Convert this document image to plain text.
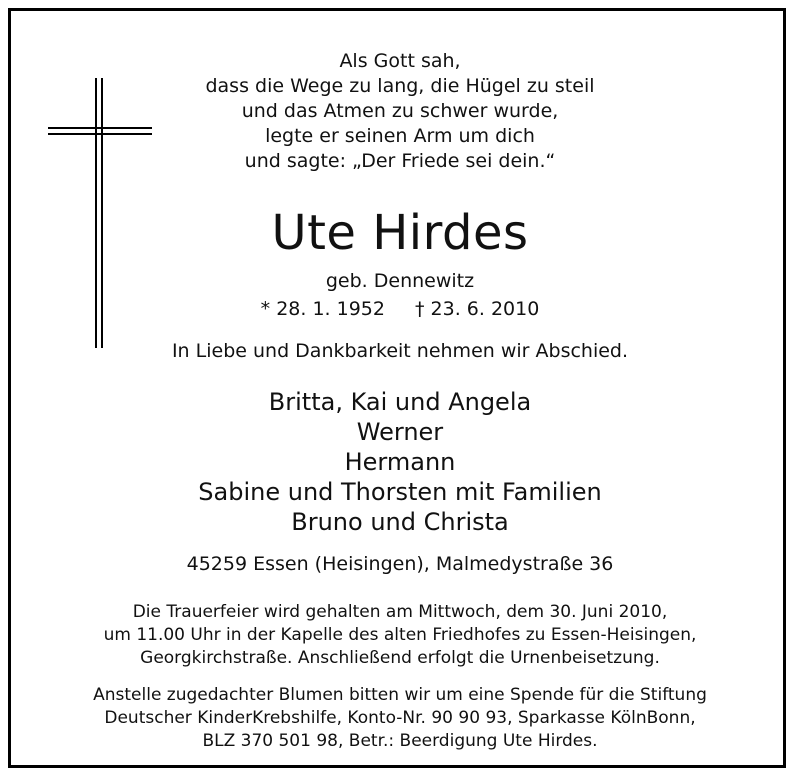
Als Gott sah,
dass die Wege zu lang, die Hügel zu steil
und das Atmen zu schwer wurde,
legte er seinen Arm um dich
und sagte: „Der Friede sei dein.“
Ute Hirdes
geb. Dennewitz
* 28. 1. 1952 † 23. 6. 2010
In Liebe und Dankbarkeit nehmen wir Abschied.
Britta, Kai und Angela
Werner
Hermann
Sabine und Thorsten mit Familien
Bruno und Christa
45259 Essen (Heisingen), Malmedystraße 36
Die Trauerfeier wird gehalten am Mittwoch, dem 30. Juni 2010,
um 11.00 Uhr in der Kapelle des alten Friedhofes zu Essen-Heisingen,
Georgkirchstraße. Anschließend erfolgt die Urnenbeisetzung.
Anstelle zugedachter Blumen bitten wir um eine Spende für die Stiftung
Deutscher KinderKrebshilfe, Konto-Nr. 90 90 93, Sparkasse KölnBonn,
BLZ 370 501 98, Betr.: Beerdigung Ute Hirdes.
